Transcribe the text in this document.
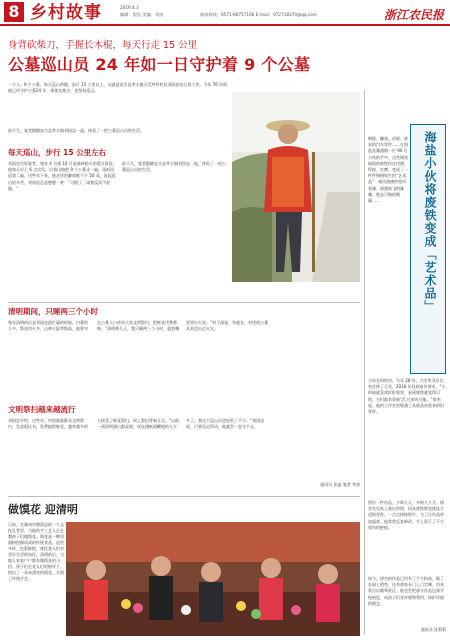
8 乡村故事	2019.4.3
编辑：倪佳 美编：刘南	新闻热线：0571-86757166 E-mail：972718370@qq.com	浙江农民报
身背砍柴刀，手握长木棍，每天行走 15 公里
公墓巡山员 24 年如一日守护着 9 个公墓
一个人，9 个公墓，每天巡山两趟，步行 15 公里以上，这就是安吉县孝丰镇天荒坪村村民刘国忠的日常工作。今年 76 岁的他已经守护公墓24 年，即使在除夕，也坚持巡山。
前不久，笔者跟随安吉县孝丰镇刘国忠一起，体验了一把公墓巡山员的生活。
每天巡山，步行 15 公里左右
刘国忠告诉笔者，每年 4 月到 10 月是森林防火的重点时段。他每天早上 6 点出发，沿着山路把 9 个公墓走一遍，再折回巡第二遍。这些年下来，他走坏的解放鞋不下 50 双。说起巡山的辛苦，刘国忠总是憨憨一笑：“习惯了，闲着反而不舒服。”
前不久，笔者跟随安吉县孝丰镇刘国忠一起，体验了一把公墓巡山员的生活。
清明期间，只睡两三个小时
每年清明前后是刘国忠最忙碌的时候。扫墓的人多，祭祀用火多，山林火险等级高，他要守在公墓入口劝导大家文明祭扫，把鲜花代替香烛。“清明那几天，我只睡两三个小时，就怕哪里冒出火星。”村干部说，有他在，村里的公墓从来没出过火灾。
文明祭扫越来越流行
刘国忠介绍，这些年，村里鼓励群众文明祭扫，发放倡议书，免费提供鲜花，越来越多的人接受了鲜花祭扫、网上祭扫等新方式。“以前一到清明满山都是烟，现在烧纸放鞭炮的人少多了，我这个巡山员也轻松了不少。”刘国忠说，只要还走得动，他就会一直守下去。
通讯员 张盈 笔者 李涛
钢筋、螺丝、齿轮、废弃的汽车零件……在海盐县澉浦镇一位 90 后小伙的手中，这些锈迹斑斑的废铁经过切割、焊接、打磨，变成了一件件栩栩如生的“艺术品”：威风凛凛的变形金刚、展翅欲飞的雄鹰、憨态可掬的熊猫……	海盐小伙将废铁变成「艺术品」
小伙名叫徐杰，今年 28 岁，大学毕业后在外打拼了几年，2016 年回到家乡创业。“小时候就喜欢拆拆装装，看到废铁就觉得可惜，它们都有重新‘活’过来的可能。”徐杰说，他的工作室里堆满了从废品站收来的旧零件。
创作一件作品，少则几天，多则几个月。徐杰先在纸上画出草图，再从废铁堆里挑选合适的零件，一点点拼接焊牢。为了让作品更加逼真，他常常反复修改，手上留下了不少烫伤的疤痕。
如今，徐杰的作品已经有了不少粉丝，除了在网上销售，还有商家专门上门定制，用来装点店铺和景区。他也会把部分作品送到学校展览，向孩子们宣传废物利用、保护环境的理念。
通讯员 沈莉莉
做馍花 迎清明
日前，在湖州市德清县的一个文化礼堂里，当地的手工艺人正在教孩子们做馍花。馍花是一种用面粉捏制而成的传统食品，造型多样、色彩鲜艳，寄托着人们对美好生活的向往。清明前后，当地人家家户户都有做馍花的习俗。孩子们在老人们的指导下，捏出了一朵朵漂亮的馍花，学到了传统手艺。
